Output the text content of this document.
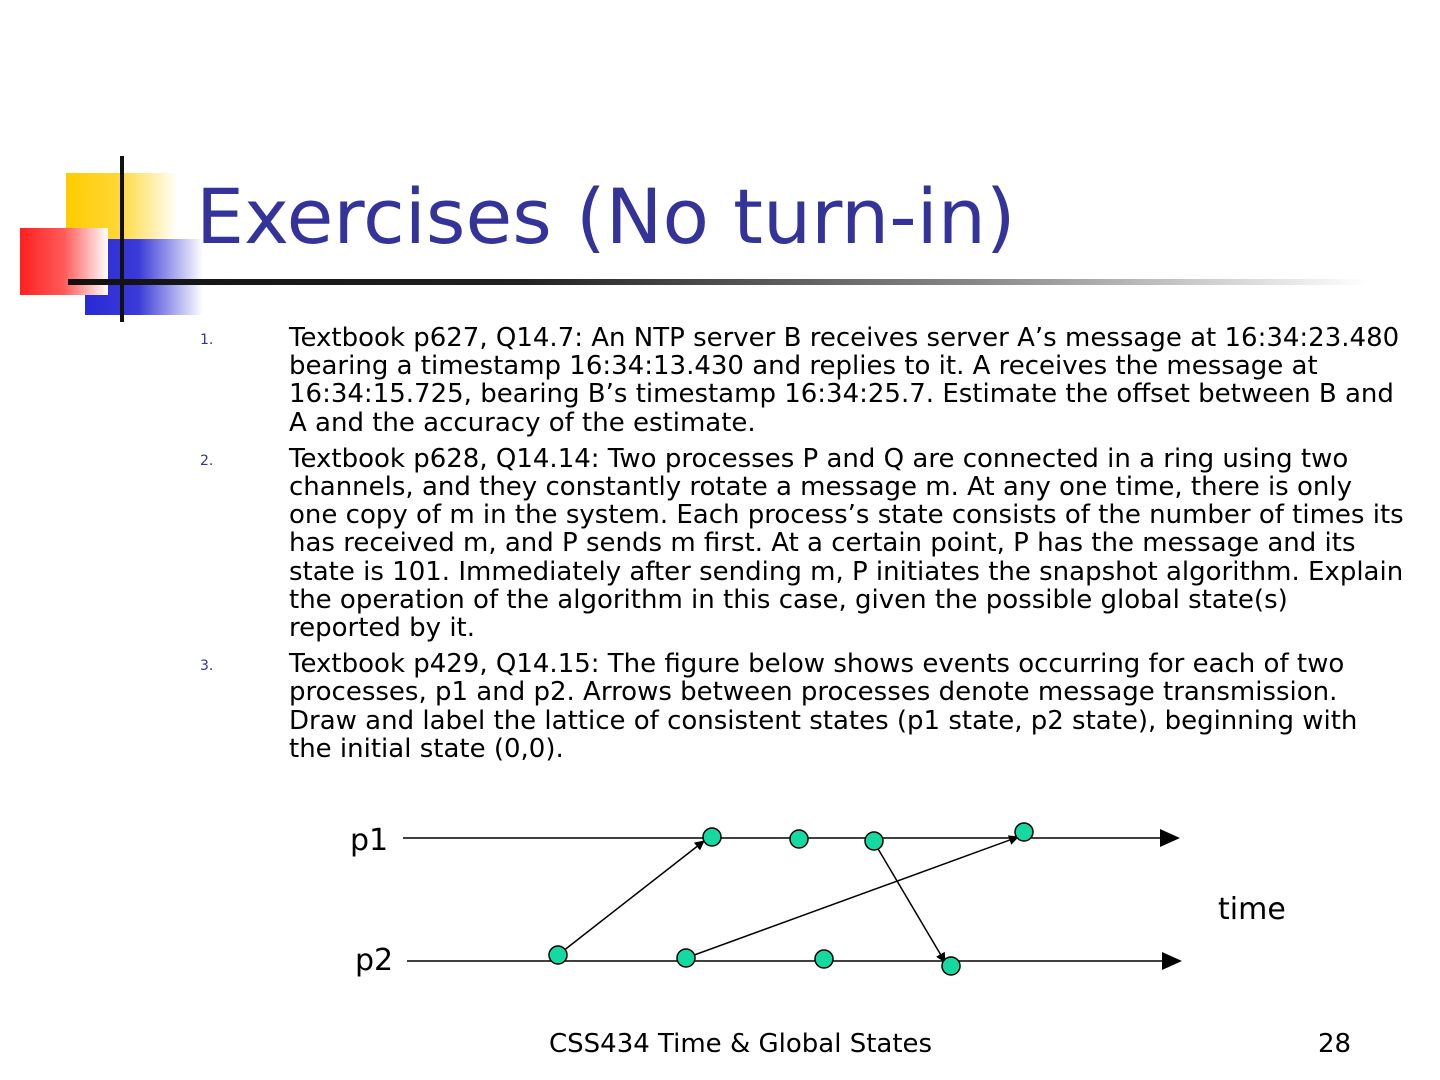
Exercises (No turn-in)
1.	Textbook p627, Q14.7: An NTP server B receives server A’s message at 16:34:23.480 bearing a timestamp 16:34:13.430 and replies to it. A receives the message at 16:34:15.725, bearing B’s timestamp 16:34:25.7. Estimate the offset between B and A and the accuracy of the estimate.
2.	Textbook p628, Q14.14: Two processes P and Q are connected in a ring using two channels, and they constantly rotate a message m. At any one time, there is only one copy of m in the system. Each process’s state consists of the number of times its has received m, and P sends m first. At a certain point, P has the message and its state is 101. Immediately after sending m, P initiates the snapshot algorithm. Explain the operation of the algorithm in this case, given the possible global state(s) reported by it.
3.	Textbook p429, Q14.15: The figure below shows events occurring for each of two processes, p1 and p2. Arrows between processes denote message transmission. Draw and label the lattice of consistent states (p1 state, p2 state), beginning with the initial state (0,0).
p1
p2
time
CSS434 Time & Global States	28
